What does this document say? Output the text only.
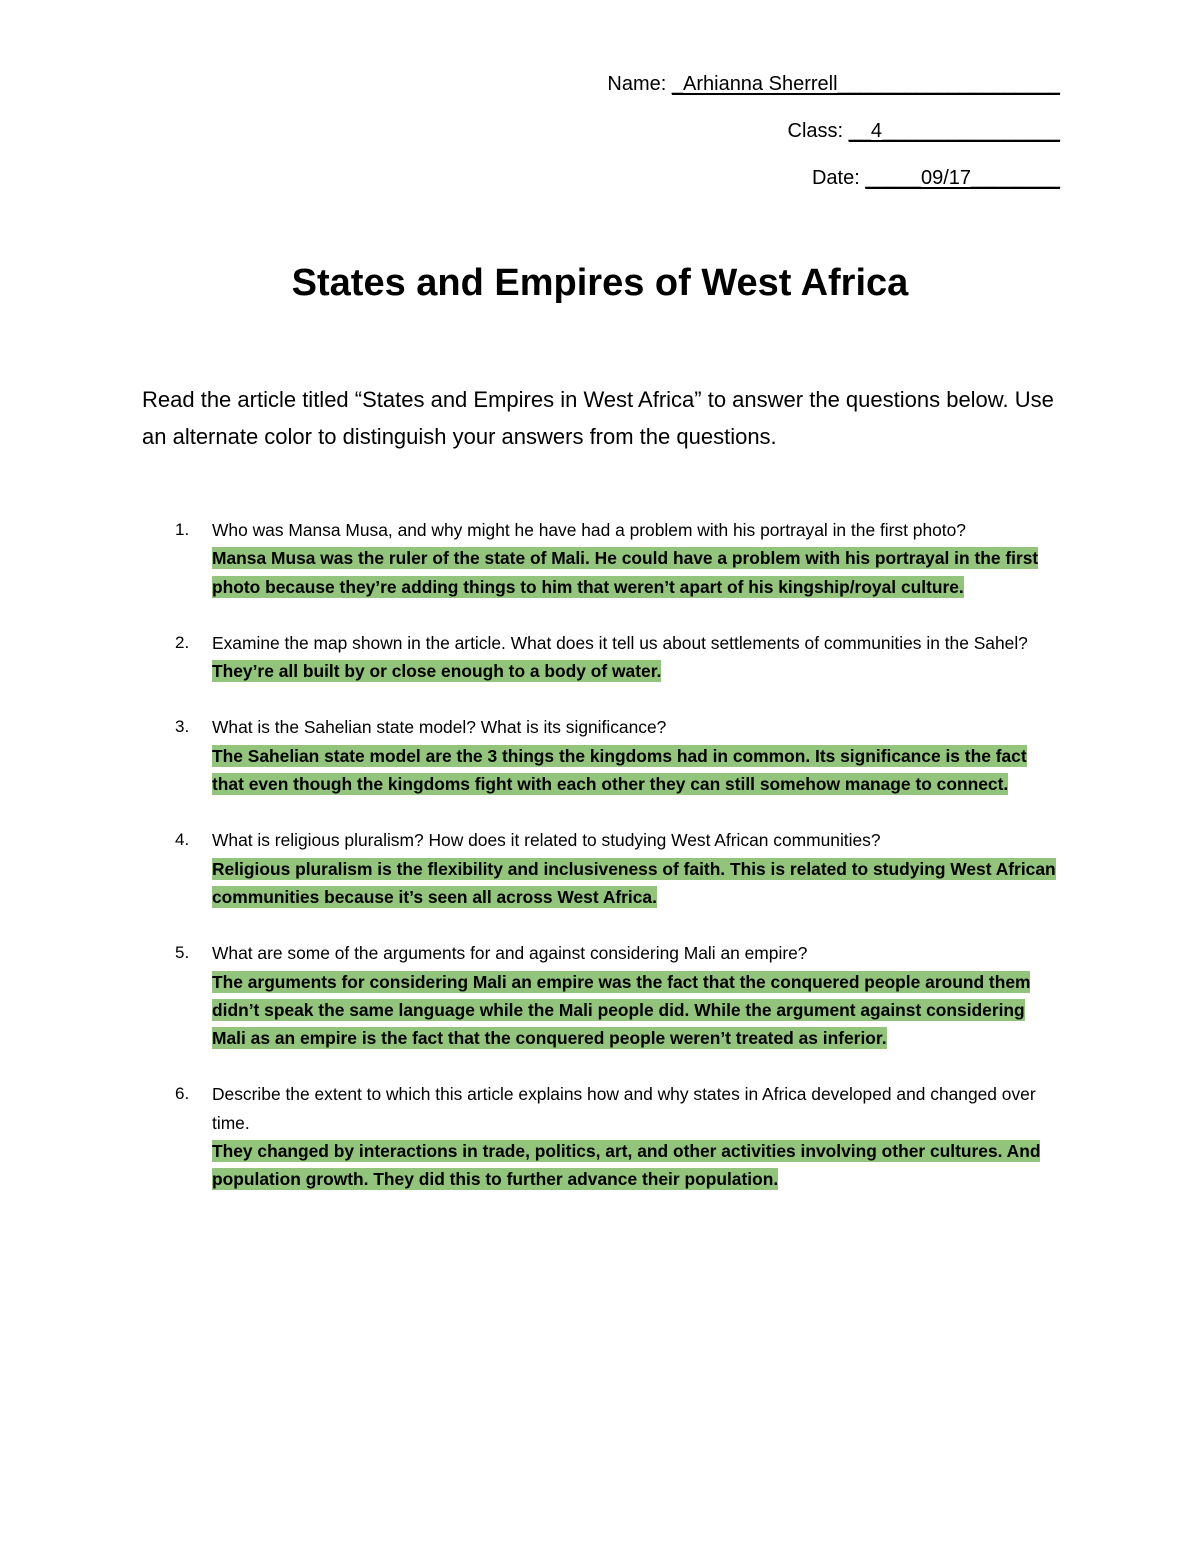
Name: _Arhianna Sherrell____________________
Class: __4________________
Date: _____09/17________
States and Empires of West Africa

Read the article titled “States and Empires in West Africa” to answer the questions below. Use an alternate color to distinguish your answers from the questions.

1. Who was Mansa Musa, and why might he have had a problem with his portrayal in the first photo?

Mansa Musa was the ruler of the state of Mali. He could have a problem with his portrayal in the first photo because they’re adding things to him that weren’t apart of his kingship/royal culture.

2. Examine the map shown in the article. What does it tell us about settlements of communities in the Sahel?

They’re all built by or close enough to a body of water.

3. What is the Sahelian state model? What is its significance?

The Sahelian state model are the 3 things the kingdoms had in common. Its significance is the fact that even though the kingdoms fight with each other they can still somehow manage to connect.

4. What is religious pluralism? How does it related to studying West African communities?

Religious pluralism is the flexibility and inclusiveness of faith. This is related to studying West African communities because it’s seen all across West Africa.

5. What are some of the arguments for and against considering Mali an empire?

The arguments for considering Mali an empire was the fact that the conquered people around them didn’t speak the same language while the Mali people did. While the argument against considering Mali as an empire is the fact that the conquered people weren’t treated as inferior.

6. Describe the extent to which this article explains how and why states in Africa developed and changed over time.

They changed by interactions in trade, politics, art, and other activities involving other cultures. And population growth. They did this to further advance their population.
